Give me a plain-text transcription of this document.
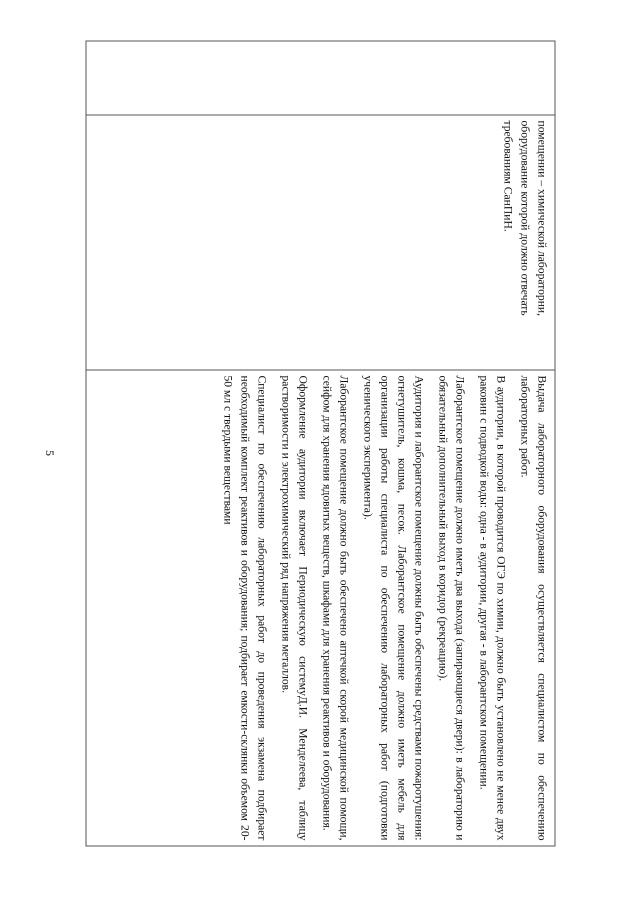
5

помещении – химической лабораторни, оборудование которой должно отвечать требованиям СанПиН.

Выдача лабораторного оборудования осуществляется специалистом по обеспечению лабораторных работ.

В аудитории, в которой проводится ОГЭ по химии, должно быть установлено не менее двух раковин с подводкой воды: одна - в аудитории, другая - в лаборантском помещении.

Лаборантское помещение должно иметь два выхода (запирающиеся двери): в лабораторию и обязательный дополнительный выход в коридор (рекреацию).

Аудитория и лаборантское помещение должны быть обеспечены средствами пожаротушения: огнетушитель, кошма, песок. Лаборантское помещение должно иметь мебель для организации работы специалиста по обеспечению лабораторных работ (подготовки ученического эксперимента).

Лаборантское помещение должно быть обеспечено аптечкой скорой медицинской помощи, сейфом для хранения ядовитых веществ, шкафами для хранения реактивов и оборудования.

Оформление аудитории включает Периодическую системуД.И. Менделеева, таблицу растворимости и электрохимический ряд напряжения металлов.

Специалист по обеспечению лабораторных работ до проведения экзамена подбирает необходимый комплект реактивов и оборудования; подбирает емкости-склянки объемом 20-50 мл с твердыми веществами
